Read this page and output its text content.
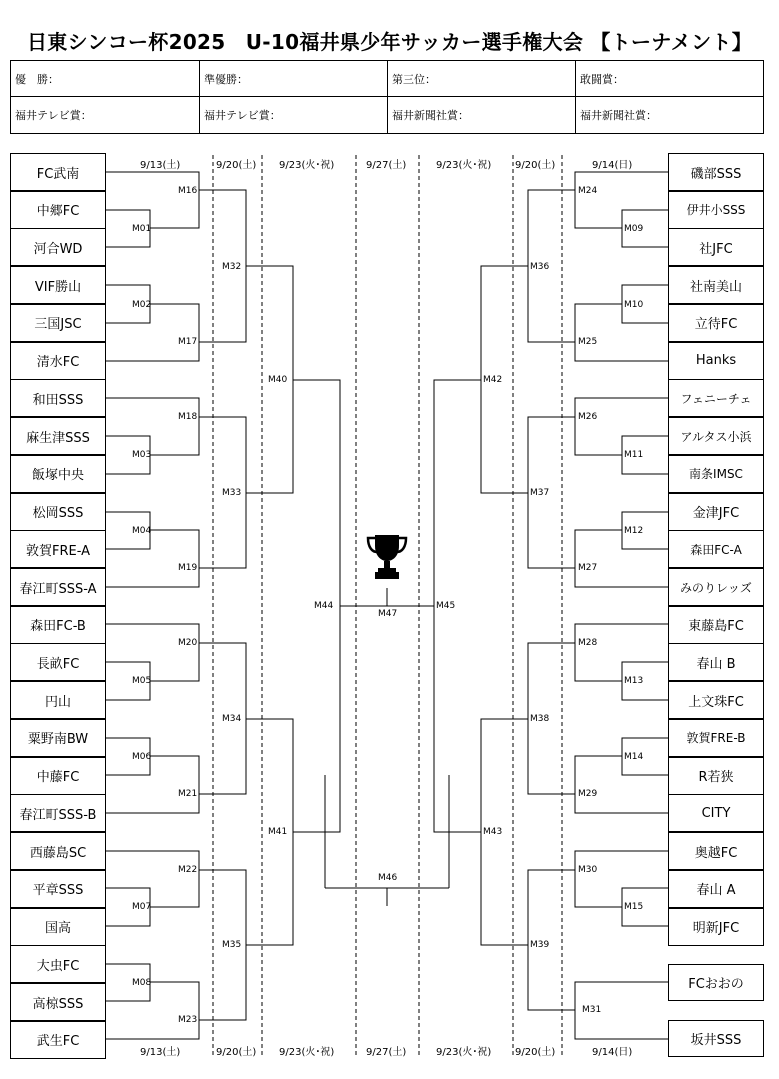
日東シンコー杯2025　U-10福井県少年サッカー選手権大会 【トーナメント】
優　勝：	準優勝：	第三位：	敢闘賞：
福井テレビ賞：	福井テレビ賞：	福井新聞社賞：	福井新聞社賞：
9/13(土)	9/20(土) 9/23(火･祝)	9/27(土)	9/23(火･祝) 9/20(土)	9/14(日)
9/13(土)	9/20(土) 9/23(火･祝)	9/27(土)	9/23(火･祝) 9/20(土)	9/14(日)
FC武南
中郷FC
河合WD
VIF勝山
三国JSC
清水FC
和田SSS
麻生津SSS
飯塚中央
松岡SSS
敦賀FRE-A
春江町SSS-A
森田FC-B
長畝FC
円山
粟野南BW
中藤FC
春江町SSS-B
西藤島SC
平章SSS
国高
大虫FC
高椋SSS
武生FC
磯部SSS
伊井小SSS
社JFC
社南美山
立待FC
Hanks
フェニーチェ
アルタス小浜
南条IMSC
金津JFC
森田FC-A
みのりレッズ
東藤島FC
春山 B
上文珠FC
敦賀FRE-B
R若狭
CITY
奥越FC
春山 A
明新JFC
FCおおの
坂井SSS
M01
M02
M03
M04
M05
M06
M07
M08
M09
M10
M11
M12
M13
M14
M15
M16
M17
M18
M19
M20
M21
M22
M23
M24
M25
M26
M27
M28
M29
M30
M31
M32
M33
M34
M35
M36
M37
M38
M39
M40
M41
M42
M43
M44	M45
M46
M47
